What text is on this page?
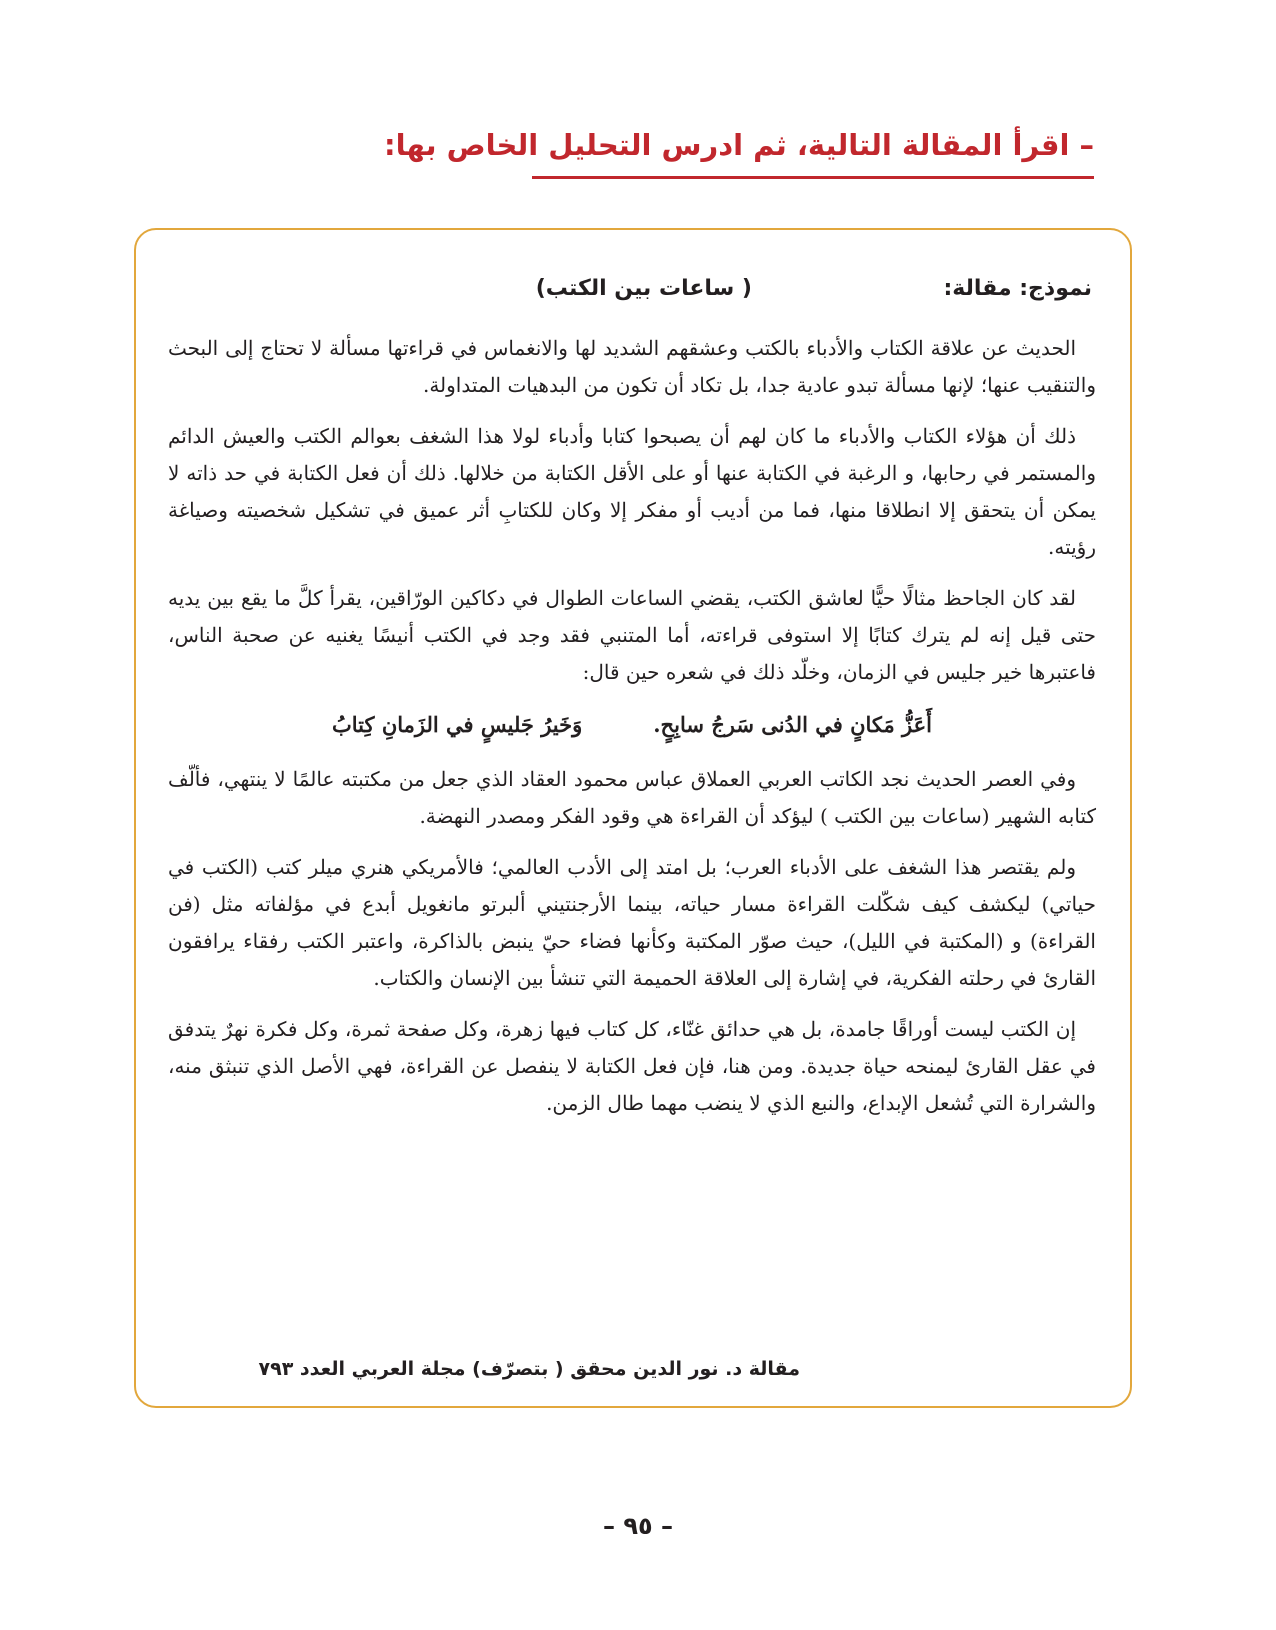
– اقرأ المقالة التالية، ثم ادرس التحليل الخاص بها:
نموذج: مقالة:
( ساعات بين الكتب)

الحديث عن علاقة الكتاب والأدباء بالكتب وعشقهم الشديد لها والانغماس في قراءتها مسألة لا تحتاج إلى البحث والتنقيب عنها؛ لإنها مسألة تبدو عادية جدا، بل تكاد أن تكون من البدهيات المتداولة.

ذلك أن هؤلاء الكتاب والأدباء ما كان لهم أن يصبحوا كتابا وأدباء لولا هذا الشغف بعوالم الكتب والعيش الدائم والمستمر في رحابها، و الرغبة في الكتابة عنها أو على الأقل الكتابة من خلالها. ذلك أن فعل الكتابة في حد ذاته لا يمكن أن يتحقق إلا انطلاقا منها، فما من أديب أو مفكر إلا وكان للكتابِ أثر عميق في تشكيل شخصيته وصياغة رؤيته.

لقد كان الجاحظ مثالًا حيًّا لعاشق الكتب، يقضي الساعات الطوال في دكاكين الورّاقين، يقرأ كلَّ ما يقع بين يديه حتى قيل إنه لم يترك كتابًا إلا استوفى قراءته، أما المتنبي فقد وجد في الكتب أنيسًا يغنيه عن صحبة الناس، فاعتبرها خير جليس في الزمان، وخلّد ذلك في شعره حين قال:

أَعَزُّ مَكانٍ في الدُنى سَرجُ سابِحٍ.
وَخَيرُ جَليسٍ في الزَمانِ كِتابُ

وفي العصر الحديث نجد الكاتب العربي العملاق عباس محمود العقاد الذي جعل من مكتبته عالمًا لا ينتهي، فألّف كتابه الشهير (ساعات بين الكتب ) ليؤكد أن القراءة هي وقود الفكر ومصدر النهضة.

ولم يقتصر هذا الشغف على الأدباء العرب؛ بل امتد إلى الأدب العالمي؛ فالأمريكي هنري ميلر كتب (الكتب في حياتي) ليكشف كيف شكّلت القراءة مسار حياته، بينما الأرجنتيني ألبرتو مانغويل أبدع في مؤلفاته مثل (فن القراءة) و (المكتبة في الليل)، حيث صوّر المكتبة وكأنها فضاء حيّ ينبض بالذاكرة، واعتبر الكتب رفقاء يرافقون القارئ في رحلته الفكرية، في إشارة إلى العلاقة الحميمة التي تنشأ بين الإنسان والكتاب.

إن الكتب ليست أوراقًا جامدة، بل هي حدائق غنّاء، كل كتاب فيها زهرة، وكل صفحة ثمرة، وكل فكرة نهرٌ يتدفق في عقل القارئ ليمنحه حياة جديدة. ومن هنا، فإن فعل الكتابة لا ينفصل عن القراءة، فهي الأصل الذي تنبثق منه، والشرارة التي تُشعل الإبداع، والنبع الذي لا ينضب مهما طال الزمن.

مقالة د. نور الدين محقق ( بتصرّف) مجلة العربي العدد ٧٩٣
– ٩٥ –
